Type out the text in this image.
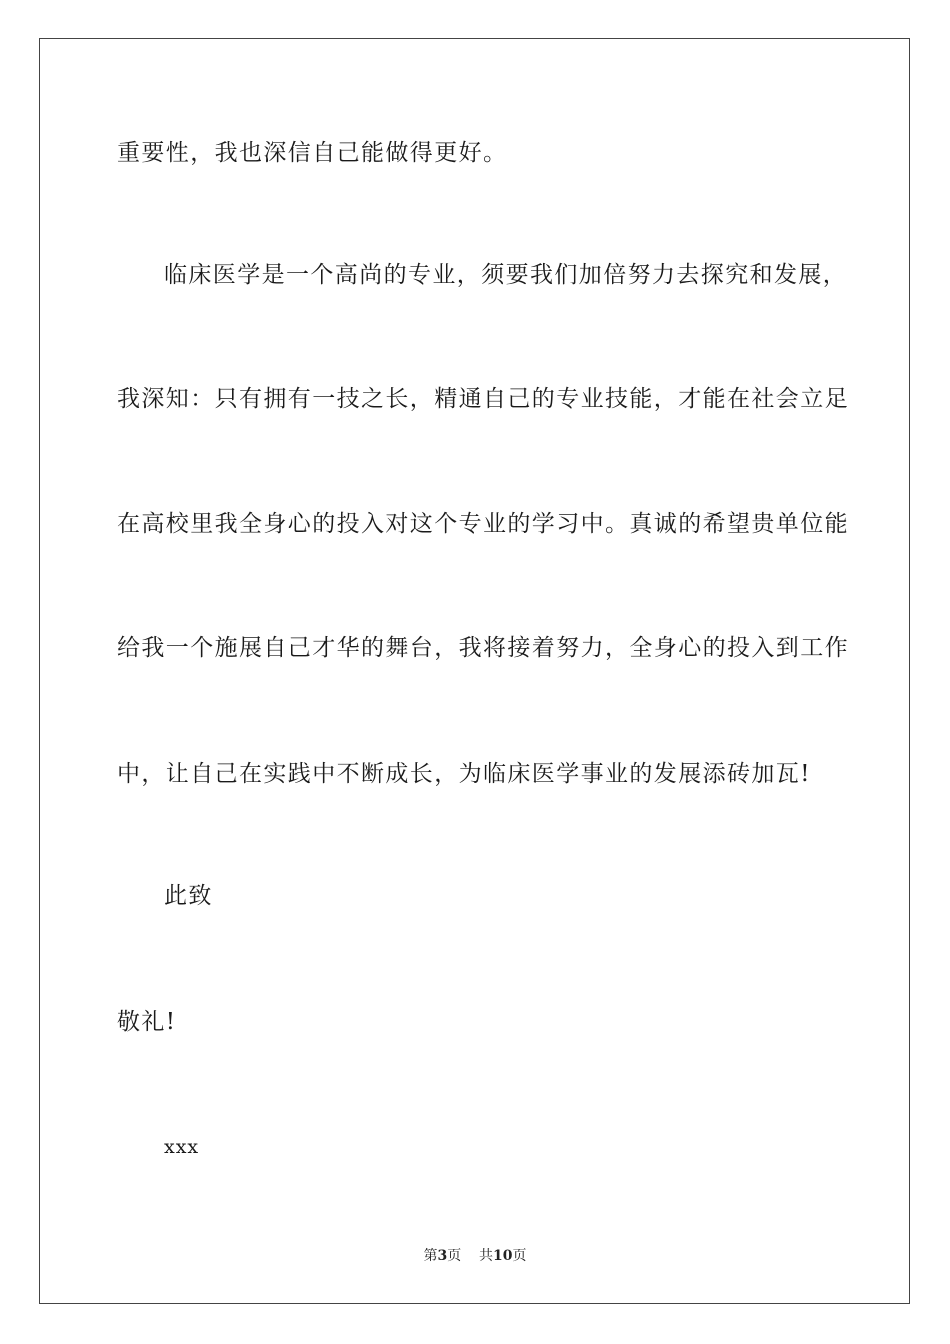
重要性，我也深信自己能做得更好。
临床医学是一个高尚的专业，须要我们加倍努力去探究和发展，
我深知：只有拥有一技之长，精通自己的专业技能，才能在社会立足
在高校里我全身心的投入对这个专业的学习中。真诚的希望贵单位能
给我一个施展自己才华的舞台，我将接着努力，全身心的投入到工作
中，让自己在实践中不断成长，为临床医学事业的发展添砖加瓦!
此致
敬礼!
xxx
第3页 共10页
